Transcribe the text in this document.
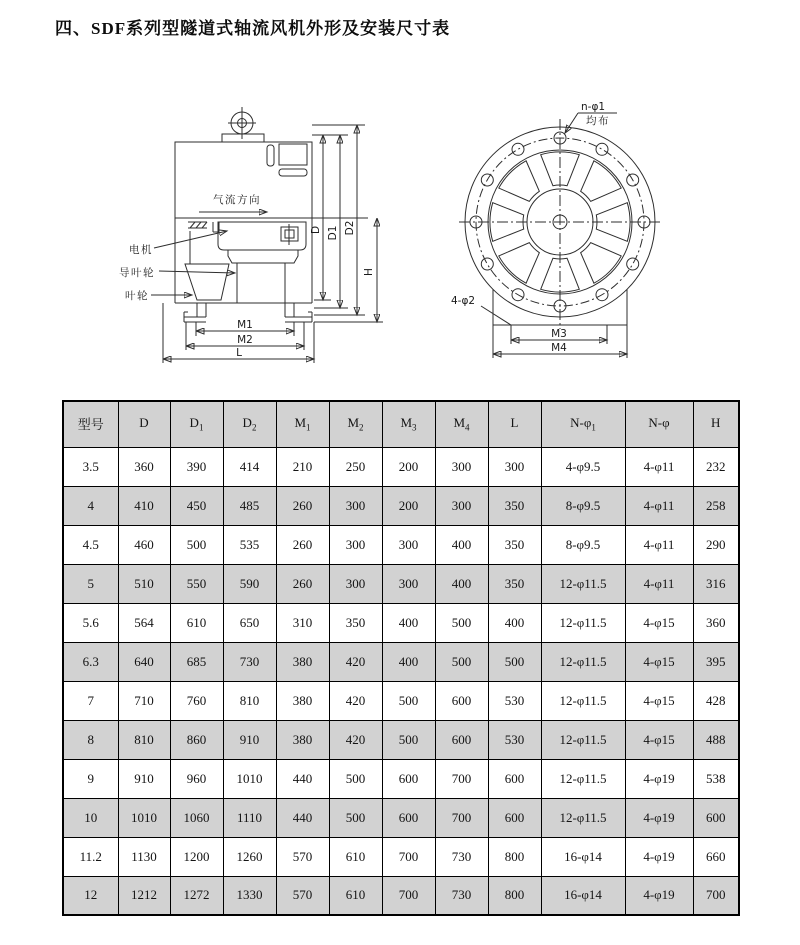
四、SDF系列型隧道式轴流风机外形及安装尺寸表
气流方向
电机
导叶轮
叶轮
M1
M2
L
D D1 D2
H
n-φ1
均布
4-φ2
M3
M4
型号	D	$D_1$	$D_2$	$M_1$	$M_2$	$M_3$	$M_4$	L	$N-\varphi_1$	N-φ	H
3.5	360	390	414	210	250	200	300	300	4-φ9.5	4-φ11	232
4	410	450	485	260	300	200	300	350	8-φ9.5	4-φ11	258
4.5	460	500	535	260	300	300	400	350	8-φ9.5	4-φ11	290
5	510	550	590	260	300	300	400	350	12-φ11.5	4-φ11	316
5.6	564	610	650	310	350	400	500	400	12-φ11.5	4-φ15	360
6.3	640	685	730	380	420	400	500	500	12-φ11.5	4-φ15	395
7	710	760	810	380	420	500	600	530	12-φ11.5	4-φ15	428
8	810	860	910	380	420	500	600	530	12-φ11.5	4-φ15	488
9	910	960	1010	440	500	600	700	600	12-φ11.5	4-φ19	538
10	1010	1060	1110	440	500	600	700	600	12-φ11.5	4-φ19	600
11.2	1130	1200	1260	570	610	700	730	800	16-φ14	4-φ19	660
12	1212	1272	1330	570	610	700	730	800	16-φ14	4-φ19	700
